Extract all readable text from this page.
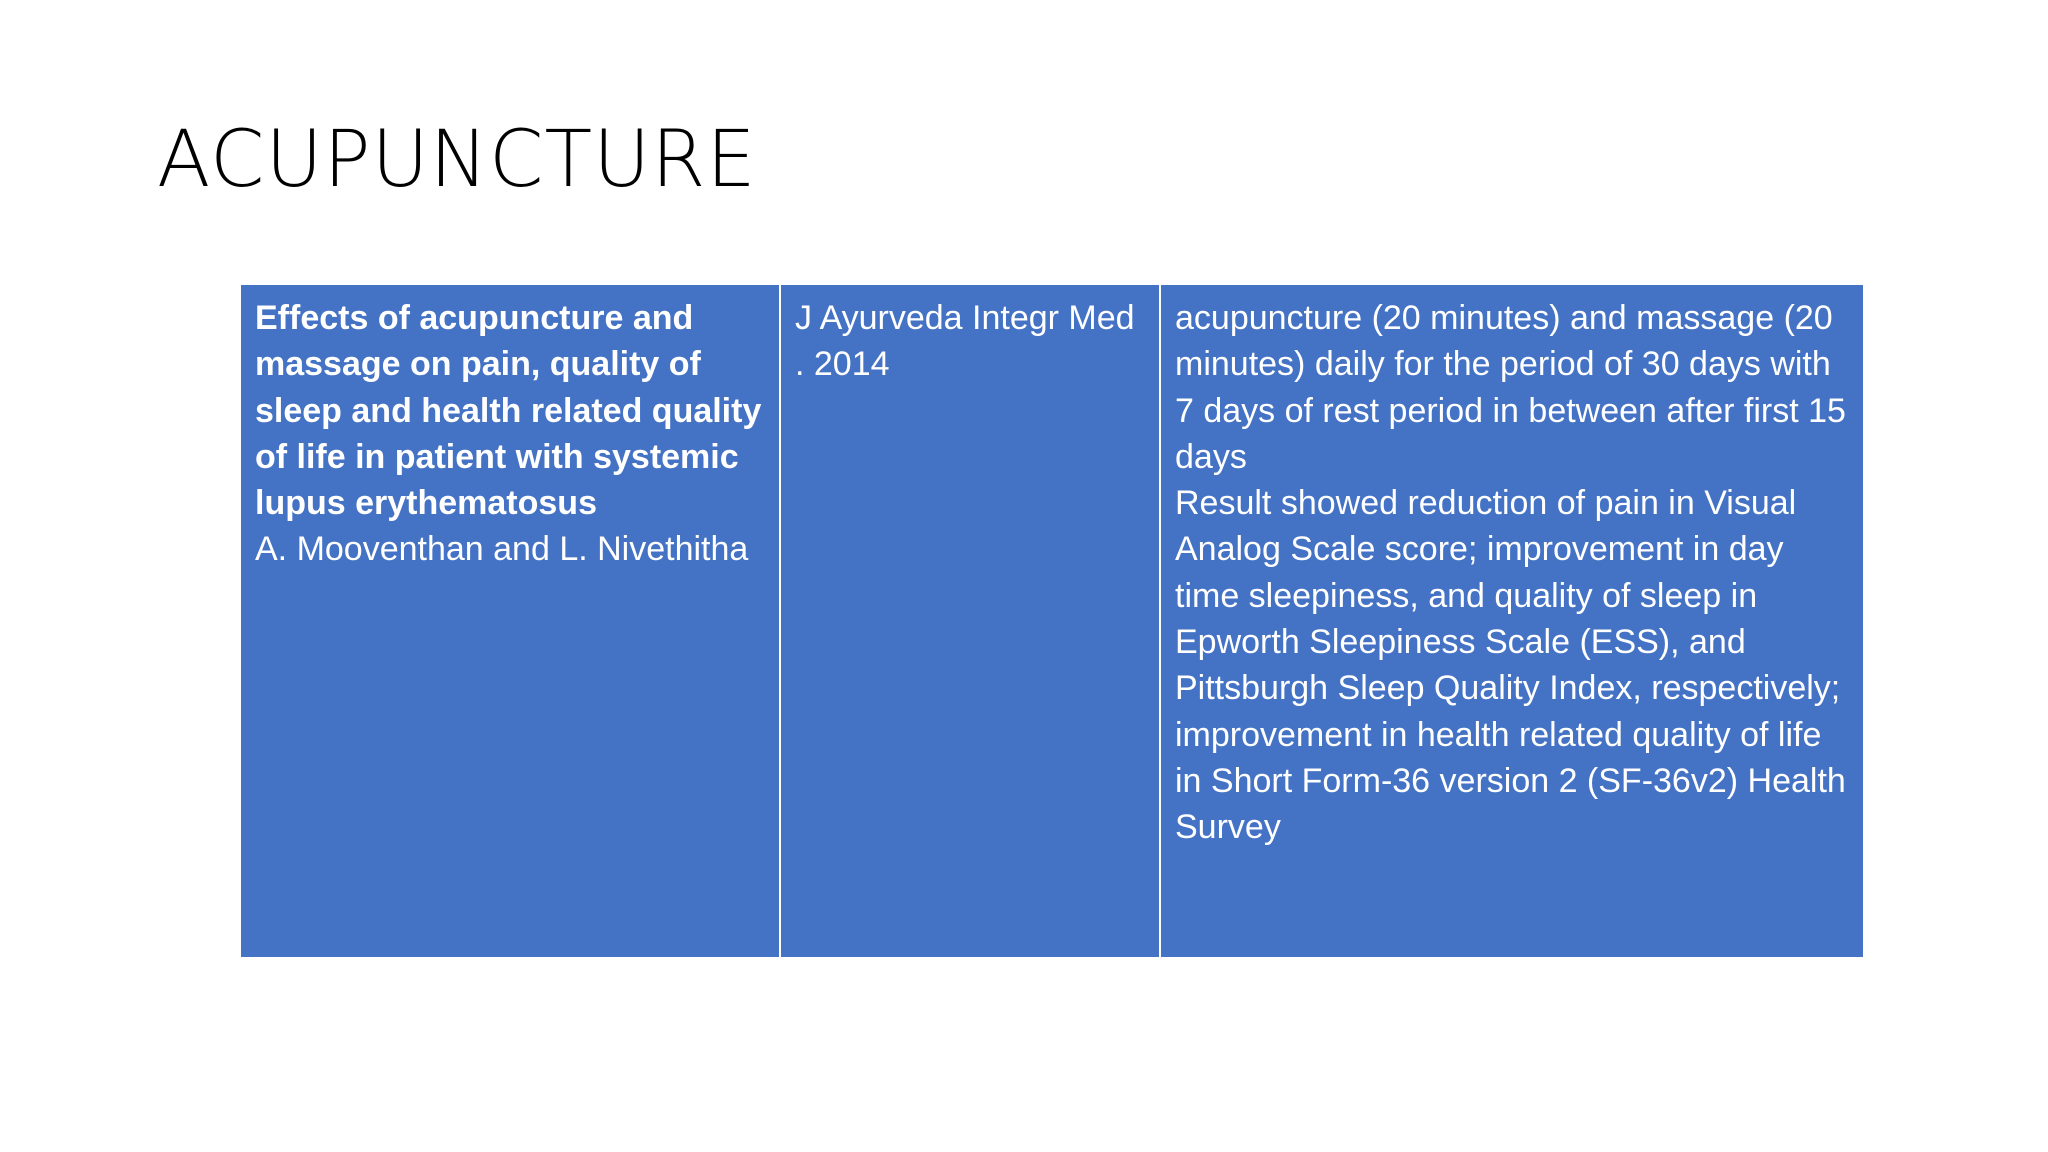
ACUPUNCTURE
Effects of acupuncture and massage on pain, quality of sleep and health related quality of life in patient with systemic lupus erythematosus
A. Mooventhan and L. Nivethitha
J Ayurveda Integr Med
. 2014
acupuncture (20 minutes) and massage (20 minutes) daily for the period of 30 days with 7 days of rest period in between after first 15 days
Result showed reduction of pain in Visual Analog Scale score; improvement in day time sleepiness, and quality of sleep in Epworth Sleepiness Scale (ESS), and Pittsburgh Sleep Quality Index, respectively; improvement in health related quality of life in Short Form-36 version 2 (SF-36v2) Health Survey
